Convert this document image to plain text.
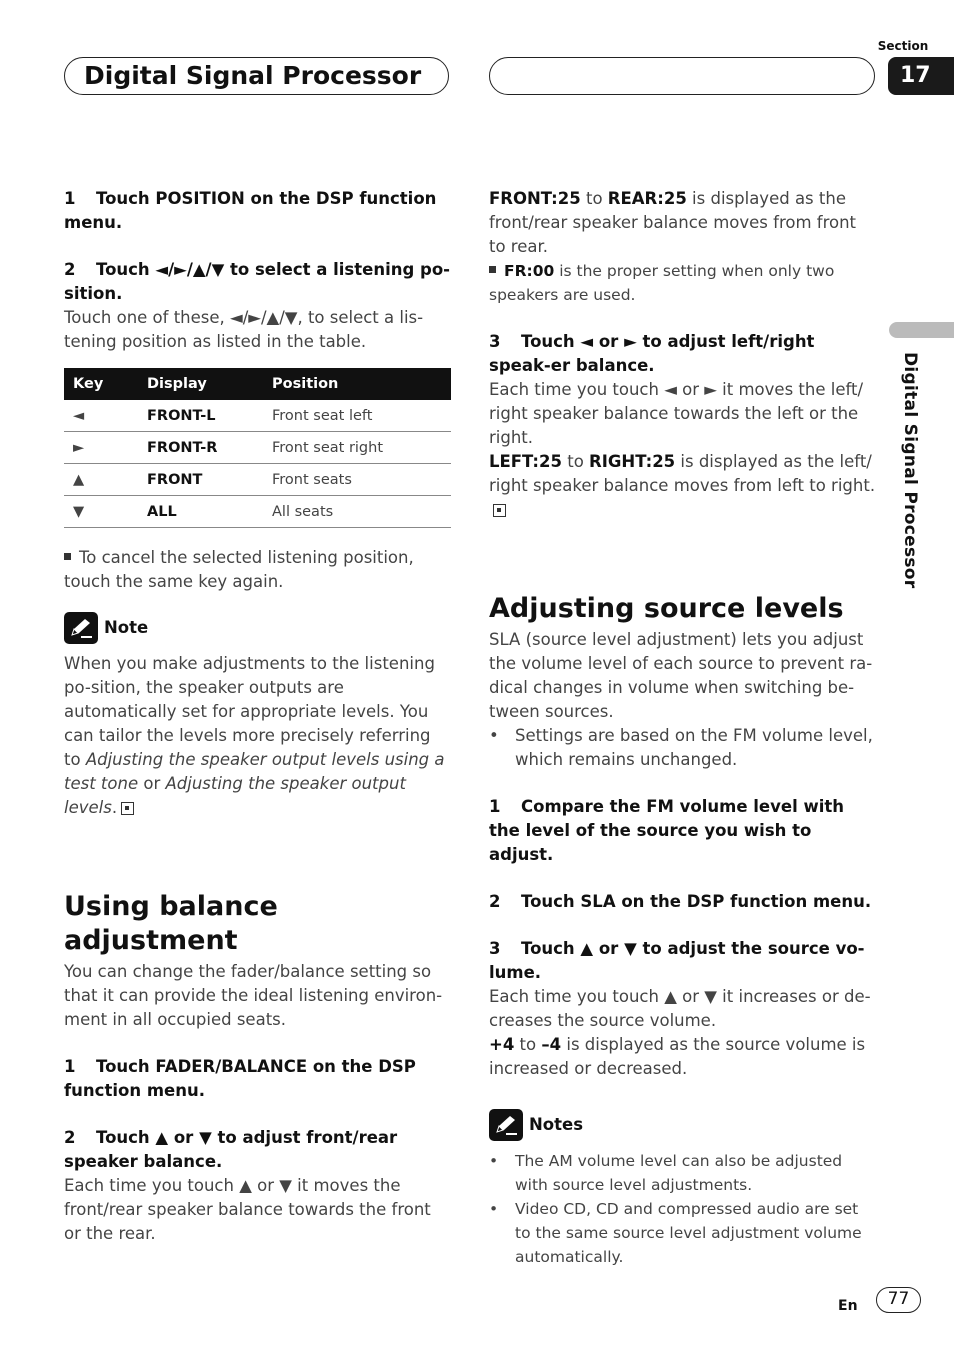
Digital Signal Processor
Section
17
Digital Signal Processor
1 Touch POSITION on the DSP function menu.
2 Touch ◄/►/▲/▼ to select a listening po-sition.
Touch one of these, ◄/►/▲/▼, to select a lis-tening position as listed in the table.
Key	Display	Position
◄	FRONT-L	Front seat left
►	FRONT-R	Front seat right
▲	FRONT	Front seats
▼	ALL	All seats
To cancel the selected listening position, touch the same key again.
Note
When you make adjustments to the listening po-sition, the speaker outputs are automatically set for appropriate levels. You can tailor the levels more precisely referring to Adjusting the speaker output levels using a test tone or Adjusting the speaker output levels.
Using balance adjustment
You can change the fader/balance setting so that it can provide the ideal listening environ-ment in all occupied seats.
1 Touch FADER/BALANCE on the DSP function menu.
2 Touch ▲ or ▼ to adjust front/rear speaker balance.
Each time you touch ▲ or ▼ it moves the front/rear speaker balance towards the front or the rear.
FRONT:25 to REAR:25 is displayed as the front/rear speaker balance moves from front to rear.
FR:00 is the proper setting when only two speakers are used.
3 Touch ◄ or ► to adjust left/right speak-er balance.
Each time you touch ◄ or ► it moves the left/ right speaker balance towards the left or the right.
LEFT:25 to RIGHT:25 is displayed as the left/ right speaker balance moves from left to right.
Adjusting source levels
SLA (source level adjustment) lets you adjust the volume level of each source to prevent ra-dical changes in volume when switching be-tween sources.
• Settings are based on the FM volume level, which remains unchanged.
1 Compare the FM volume level with the level of the source you wish to adjust.
2 Touch SLA on the DSP function menu.
3 Touch ▲ or ▼ to adjust the source vo-lume.
Each time you touch ▲ or ▼ it increases or de-creases the source volume.
+4 to –4 is displayed as the source volume is increased or decreased.
Notes
•	The AM volume level can also be adjusted with source level adjustments.
•	Video CD, CD and compressed audio are set to the same source level adjustment volume automatically.
En	77
